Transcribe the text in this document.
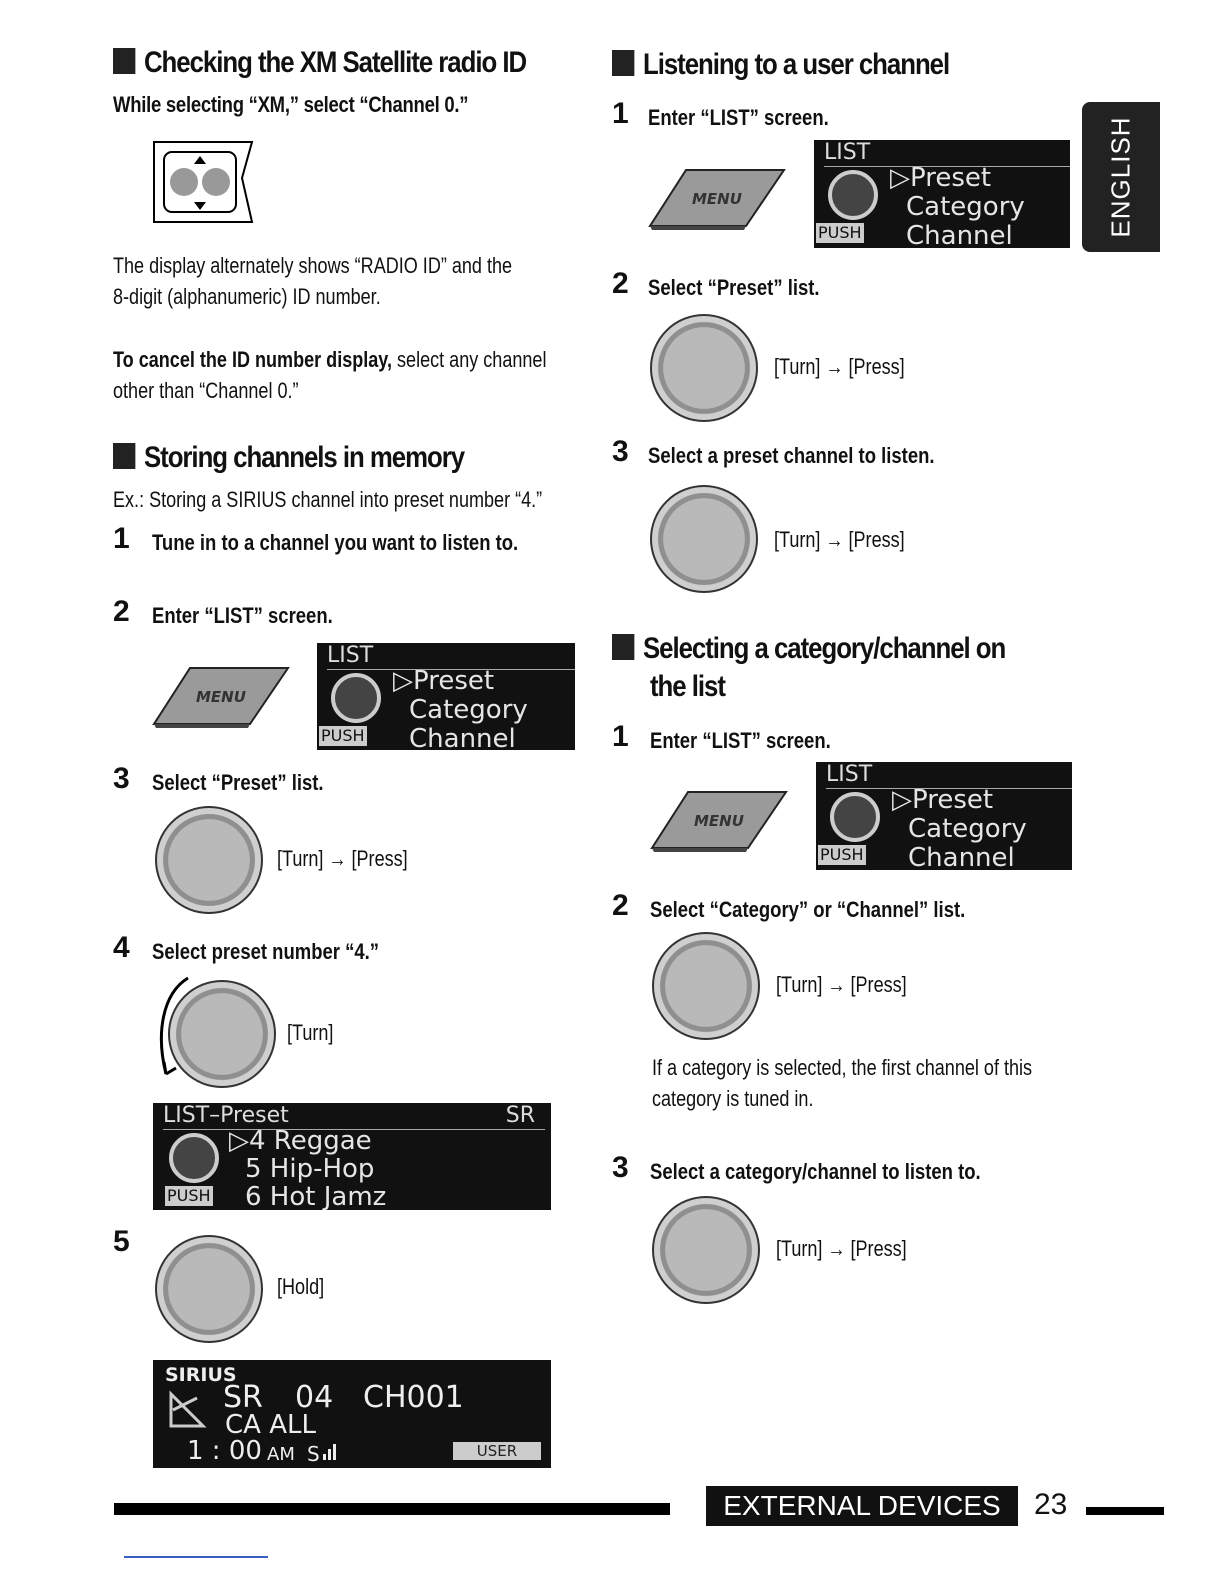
Checking the XM Satellite radio ID
While selecting “XM,” select “Channel 0.”
The display alternately shows “RADIO ID” and the
8-digit (alphanumeric) ID number.
To cancel the ID number display, select any channel
other than “Channel 0.”
Storing channels in memory
Ex.: Storing a SIRIUS channel into preset number “4.”
1 Tune in to a channel you want to listen to.
2 Enter “LIST” screen.
MENU
LIST
PUSH
▷Preset
Category
Channel
3 Select “Preset” list.
[Turn] → [Press]
4 Select preset number “4.”
[Turn]
LIST–Preset	SR
PUSH
▷4 Reggae
5 Hip-Hop
6 Hot Jamz
5
[Hold]
SIRIUS
SR 04 CH001
CA ALL
1 : 00 AM S	USER
Listening to a user channel
1 Enter “LIST” screen.
MENU
LIST
PUSH
▷Preset
Category
Channel
2 Select “Preset” list.
[Turn] → [Press]
3 Select a preset channel to listen.
[Turn] → [Press]
Selecting a category/channel on
the list
1 Enter “LIST” screen.
MENU
LIST
PUSH
▷Preset
Category
Channel
2 Select “Category” or “Channel” list.
[Turn] → [Press]
If a category is selected, the first channel of this
category is tuned in.
3 Select a category/channel to listen to.
[Turn] → [Press]
ENGLISH
EXTERNAL DEVICES	23
